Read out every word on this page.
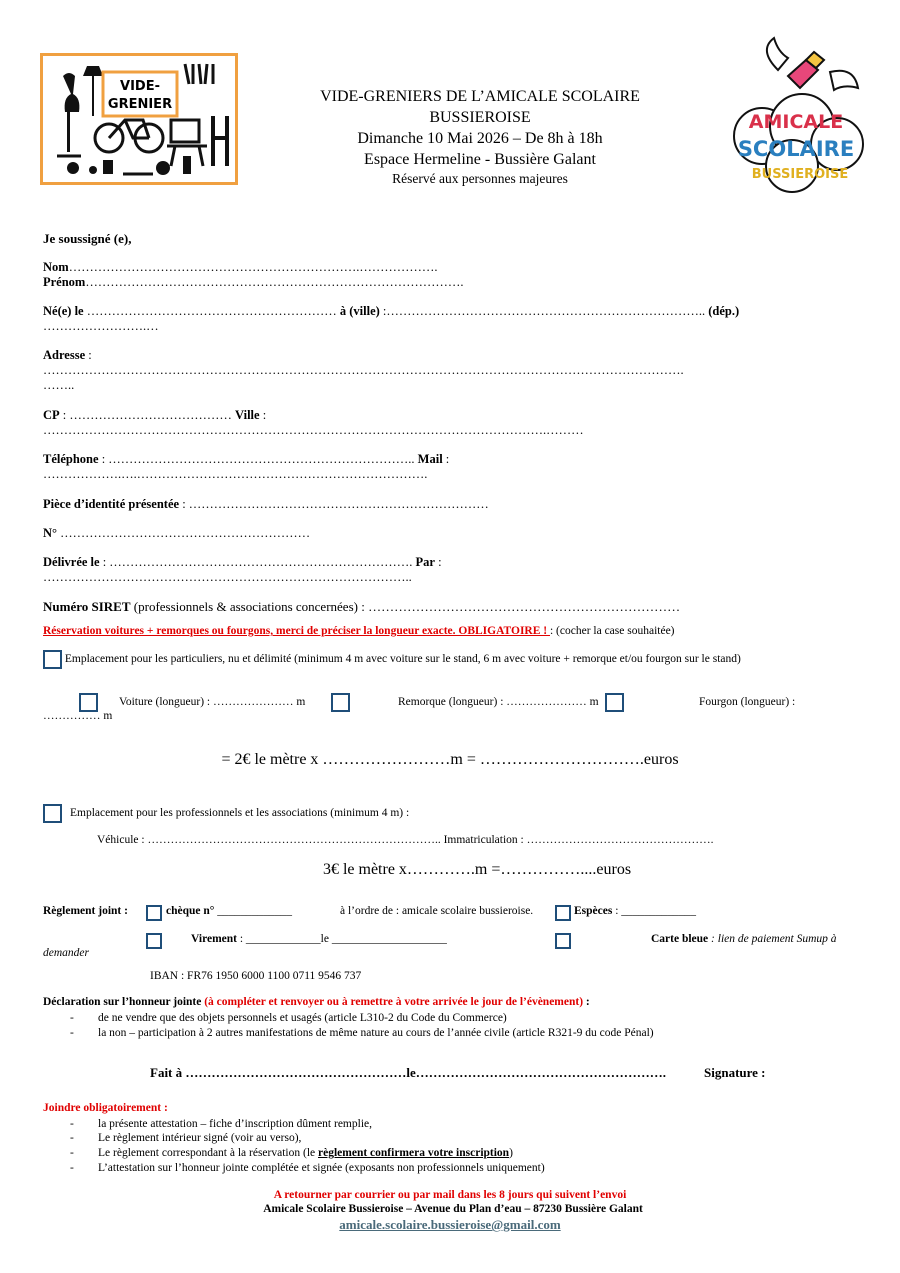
VIDE-
GRENIER	VIDE-GRENIERS DE L’AMICALE SCOLAIRE
BUSSIEROISE
Dimanche 10 Mai 2026 – De 8h à 18h
Espace Hermeline - Bussière Galant
Réservé aux personnes majeures
AMICALE
SCOLAIRE
BUSSIEROISE
Je soussigné (e),
Nom…………………………………………………………….……………….
Prénom……………………………………………………………………………….
Né(e) le …………………………………………………… à (ville) :………………………………………………………………….. (dép.)
…………………….…
Adresse :
……………………………………………………………………………………………………………………………………….
……..
CP : ………………………………… Ville :
………………………………………………………………………………………………………….………
Téléphone : ……………………………………………………………….. Mail :
……………….….…………………………………………………………….
Pièce d’identité présentée : ………………………………………………………………
N° ……………………………………………………
Délivrée le : ………………………………………………………………. Par :
……………………………………………………………………………..
Numéro SIRET (professionnels & associations concernées) : ………………………………………………………………
Réservation voitures + remorques ou fourgons, merci de préciser la longueur exacte. OBLIGATOIRE ! : (cocher la case souhaitée)
Emplacement pour les particuliers, nu et délimité (minimum 4 m avec voiture sur le stand, 6 m avec voiture + remorque et/ou fourgon sur le stand)
Voiture (longueur) : ………………… m	Remorque (longueur) : ………………… m	Fourgon (longueur) :
…………… m
= 2€ le mètre x ……………………m = ………………………….euros
Emplacement pour les professionnels et les associations (minimum 4 m) :
Véhicule : ………………………………………………………………….. Immatriculation : ………………………………………….
3€ le mètre x………….m =……………....euros
Règlement joint :	chèque n° _____________	à l’ordre de : amicale scolaire bussieroise.	Espèces : _____________
Virement : _____________le ____________________	Carte bleue : lien de paiement Sumup à
demander
IBAN : FR76 1950 6000 1100 0711 9546 737
Déclaration sur l’honneur jointe (à compléter et renvoyer ou à remettre à votre arrivée le jour de l’évènement) :
- de ne vendre que des objets personnels et usagés (article L310-2 du Code du Commerce)
- la non – participation à 2 autres manifestations de même nature au cours de l’année civile (article R321-9 du code Pénal)
Fait à ……………………………………………le………………………………………………….	Signature :
Joindre obligatoirement :
- la présente attestation – fiche d’inscription dûment remplie,
- Le règlement intérieur signé (voir au verso),
- Le règlement correspondant à la réservation (le règlement confirmera votre inscription)
- L’attestation sur l’honneur jointe complétée et signée (exposants non professionnels uniquement)
A retourner par courrier ou par mail dans les 8 jours qui suivent l’envoi
Amicale Scolaire Bussieroise – Avenue du Plan d’eau – 87230 Bussière Galant
amicale.scolaire.bussieroise@gmail.com
